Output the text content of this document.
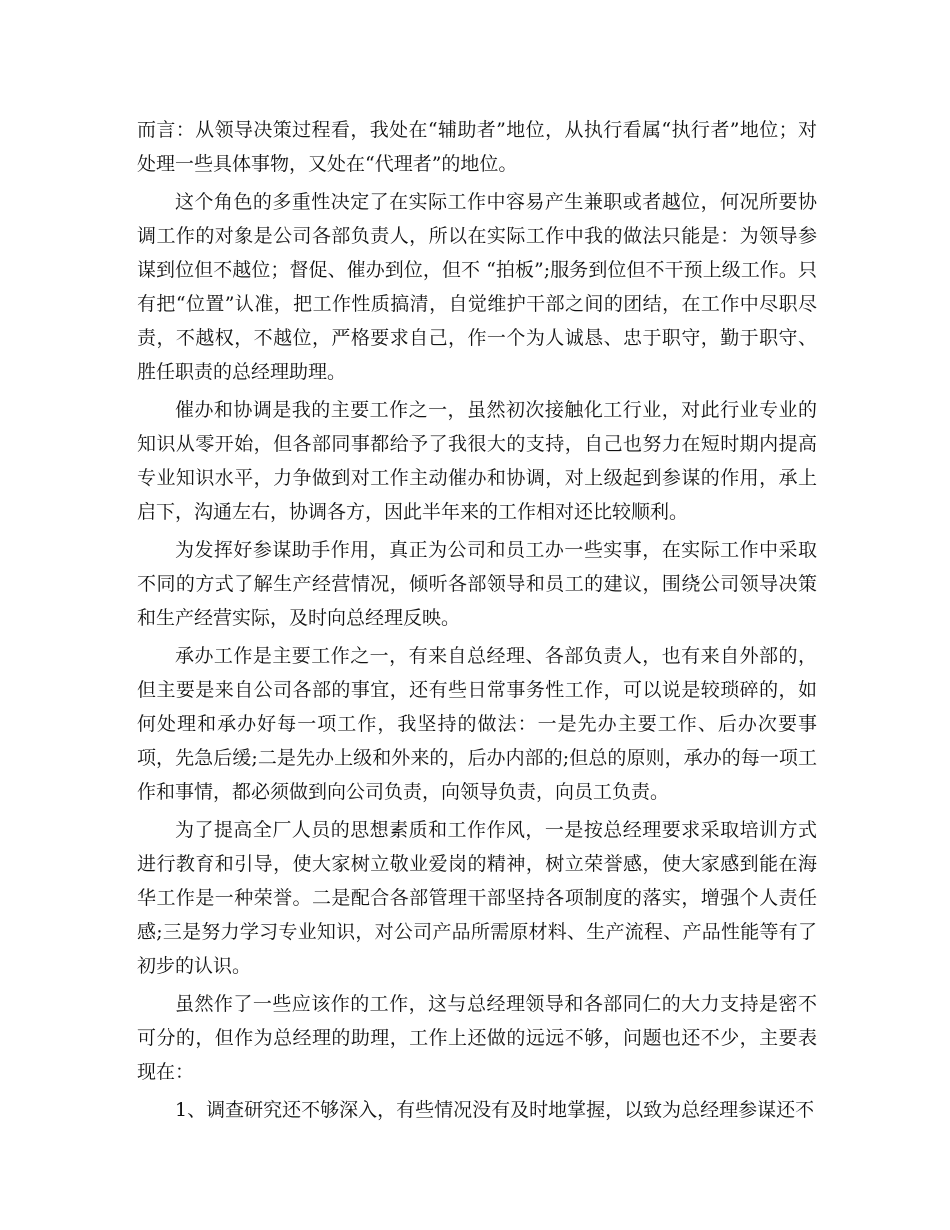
而言：从领导决策过程看，我处在“辅助者”地位，从执行看属“执行者”地位；对处理一些具体事物，又处在“代理者”的地位。

这个角色的多重性决定了在实际工作中容易产生兼职或者越位，何况所要协调工作的对象是公司各部负责人，所以在实际工作中我的做法只能是：为领导参谋到位但不越位；督促、催办到位，但不 “拍板”;服务到位但不干预上级工作。只有把“位置”认准，把工作性质搞清，自觉维护干部之间的团结，在工作中尽职尽责，不越权，不越位，严格要求自己，作一个为人诚恳、忠于职守，勤于职守、胜任职责的总经理助理。

催办和协调是我的主要工作之一，虽然初次接触化工行业，对此行业专业的知识从零开始，但各部同事都给予了我很大的支持，自己也努力在短时期内提高专业知识水平，力争做到对工作主动催办和协调，对上级起到参谋的作用，承上启下，沟通左右，协调各方，因此半年来的工作相对还比较顺利。

为发挥好参谋助手作用，真正为公司和员工办一些实事，在实际工作中采取不同的方式了解生产经营情况，倾听各部领导和员工的建议，围绕公司领导决策和生产经营实际，及时向总经理反映。

承办工作是主要工作之一，有来自总经理、各部负责人，也有来自外部的，但主要是来自公司各部的事宜，还有些日常事务性工作，可以说是较琐碎的，如何处理和承办好每一项工作，我坚持的做法：一是先办主要工作、后办次要事项，先急后缓;二是先办上级和外来的，后办内部的;但总的原则，承办的每一项工作和事情，都必须做到向公司负责，向领导负责，向员工负责。

为了提高全厂人员的思想素质和工作作风，一是按总经理要求采取培训方式进行教育和引导，使大家树立敬业爱岗的精神，树立荣誉感，使大家感到能在海华工作是一种荣誉。二是配合各部管理干部坚持各项制度的落实，增强个人责任感;三是努力学习专业知识，对公司产品所需原材料、生产流程、产品性能等有了初步的认识。

虽然作了一些应该作的工作，这与总经理领导和各部同仁的大力支持是密不可分的，但作为总经理的助理，工作上还做的远远不够，问题也还不少，主要表现在：

1、调查研究还不够深入，有些情况没有及时地掌握，以致为总经理参谋还不
